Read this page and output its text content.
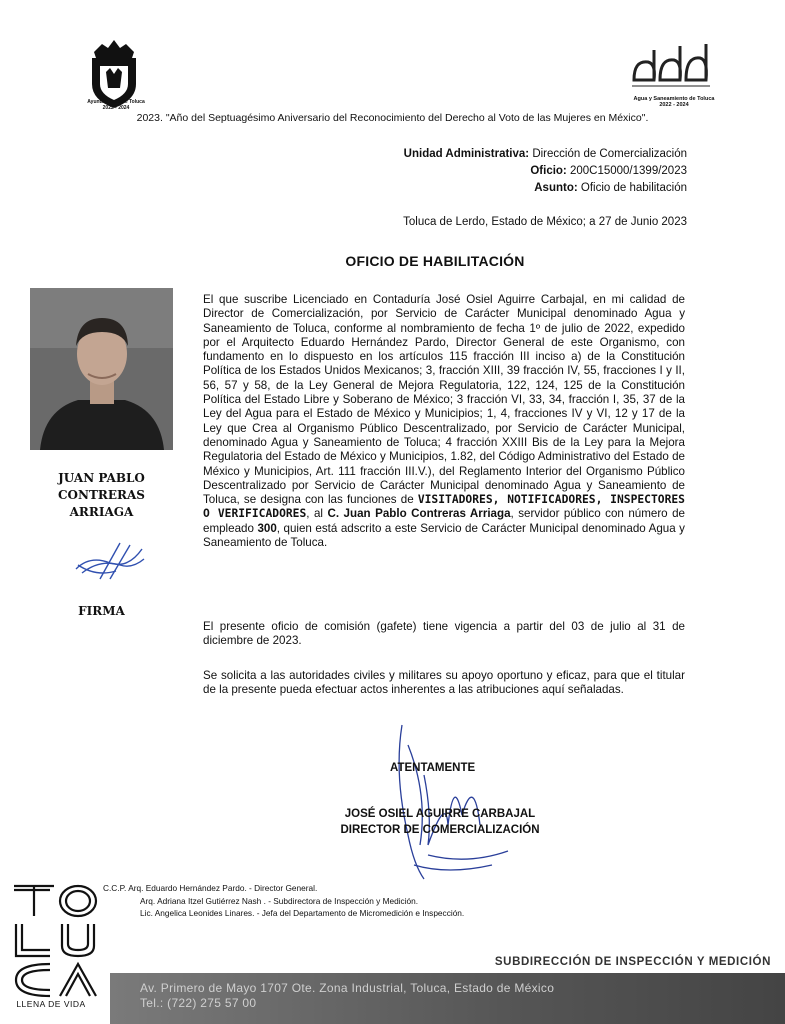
Ayuntamiento de Toluca
2022 - 2024
Agua y Saneamiento de Toluca
2022 - 2024
2023. "Año del Septuagésimo Aniversario del Reconocimiento del Derecho al Voto de las Mujeres en México".
Unidad Administrativa: Dirección de Comercialización
Oficio: 200C15000/1399/2023
Asunto: Oficio de habilitación
Toluca de Lerdo, Estado de México; a 27 de Junio 2023
OFICIO DE HABILITACIÓN
JUAN PABLO
CONTRERAS
ARRIAGA
FIRMA
El que suscribe Licenciado en Contaduría José Osiel Aguirre Carbajal, en mi calidad de Director de Comercialización, por Servicio de Carácter Municipal denominado Agua y Saneamiento de Toluca, conforme al nombramiento de fecha 1º de julio de 2022, expedido por el Arquitecto Eduardo Hernández Pardo, Director General de este Organismo, con fundamento en lo dispuesto en los artículos 115 fracción III inciso a) de la Constitución Política de los Estados Unidos Mexicanos; 3, fracción XIII, 39 fracción IV, 55, fracciones I y II, 56, 57 y 58, de la Ley General de Mejora Regulatoria, 122, 124, 125 de la Constitución Política del Estado Libre y Soberano de México; 3 fracción VI, 33, 34, fracción I, 35, 37 de la Ley del Agua para el Estado de México y Municipios; 1, 4, fracciones IV y VI, 12 y 17 de la Ley que Crea al Organismo Público Descentralizado, por Servicio de Carácter Municipal, denominado Agua y Saneamiento de Toluca; 4 fracción XXIII Bis de la Ley para la Mejora Regulatoria del Estado de México y Municipios, 1.82, del Código Administrativo del Estado de México y Municipios, Art. 111 fracción III.V.), del Reglamento Interior del Organismo Público Descentralizado por Servicio de Carácter Municipal denominado Agua y Saneamiento de Toluca, se designa con las funciones de VISITADORES, NOTIFICADORES, INSPECTORES O VERIFICADORES, al C. Juan Pablo Contreras Arriaga, servidor público con número de empleado 300, quien está adscrito a este Servicio de Carácter Municipal denominado Agua y Saneamiento de Toluca.
El presente oficio de comisión (gafete) tiene vigencia a partir del 03 de julio al 31 de diciembre de 2023.
Se solicita a las autoridades civiles y militares su apoyo oportuno y eficaz, para que el titular de la presente pueda efectuar actos inherentes a las atribuciones aquí señaladas.
ATENTAMENTE
JOSÉ OSIEL AGUIRRE CARBAJAL
DIRECTOR DE COMERCIALIZACIÓN
C.C.P. Arq. Eduardo Hernández Pardo. - Director General.
Arq. Adriana Itzel Gutiérrez Nash . - Subdirectora de Inspección y Medición.
Lic. Angelica Leonides Linares. - Jefa del Departamento de Micromedición e Inspección.
LLENA DE VIDA
SUBDIRECCIÓN DE INSPECCIÓN Y MEDICIÓN
Av. Primero de Mayo 1707 Ote. Zona Industrial, Toluca, Estado de México
Tel.: (722) 275 57 00
